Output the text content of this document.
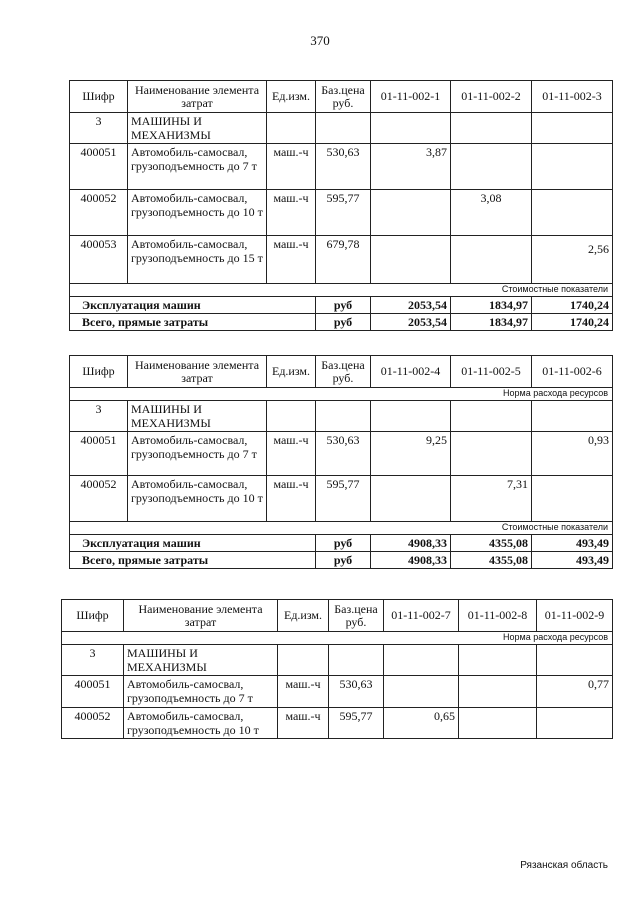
370
Шифр	Наименование элемента затрат	Ед.изм.	Баз.цена руб.	01-11-002-1	01-11-002-2	01-11-002-3
3	МАШИНЫ И МЕХАНИЗМЫ					
400051	Автомобиль-самосвал, грузоподъемность до 7 т	маш.-ч	530,63	3,87		
400052	Автомобиль-самосвал, грузоподъемность до 10 т	маш.-ч	595,77		3,08	
400053	Автомобиль-самосвал, грузоподъемность до 15 т	маш.-ч	679,78			2,56
Стоимостные показатели						
Эксплуатация машин			руб	2053,54	1834,97	1740,24
Всего, прямые затраты			руб	2053,54	1834,97	1740,24
Шифр	Наименование элемента затрат	Ед.изм.	Баз.цена руб.	01-11-002-4	01-11-002-5	01-11-002-6
Норма расхода ресурсов						
3	МАШИНЫ И МЕХАНИЗМЫ					
400051	Автомобиль-самосвал, грузоподъемность до 7 т	маш.-ч	530,63	9,25		0,93
400052	Автомобиль-самосвал, грузоподъемность до 10 т	маш.-ч	595,77		7,31	
Стоимостные показатели						
Эксплуатация машин			руб	4908,33	4355,08	493,49
Всего, прямые затраты			руб	4908,33	4355,08	493,49
Шифр	Наименование элемента затрат	Ед.изм.	Баз.цена руб.	01-11-002-7	01-11-002-8	01-11-002-9
Норма расхода ресурсов						
3	МАШИНЫ И МЕХАНИЗМЫ					
400051	Автомобиль-самосвал, грузоподъемность до 7 т	маш.-ч	530,63			0,77
400052	Автомобиль-самосвал, грузоподъемность до 10 т	маш.-ч	595,77	0,65		
Рязанская область
